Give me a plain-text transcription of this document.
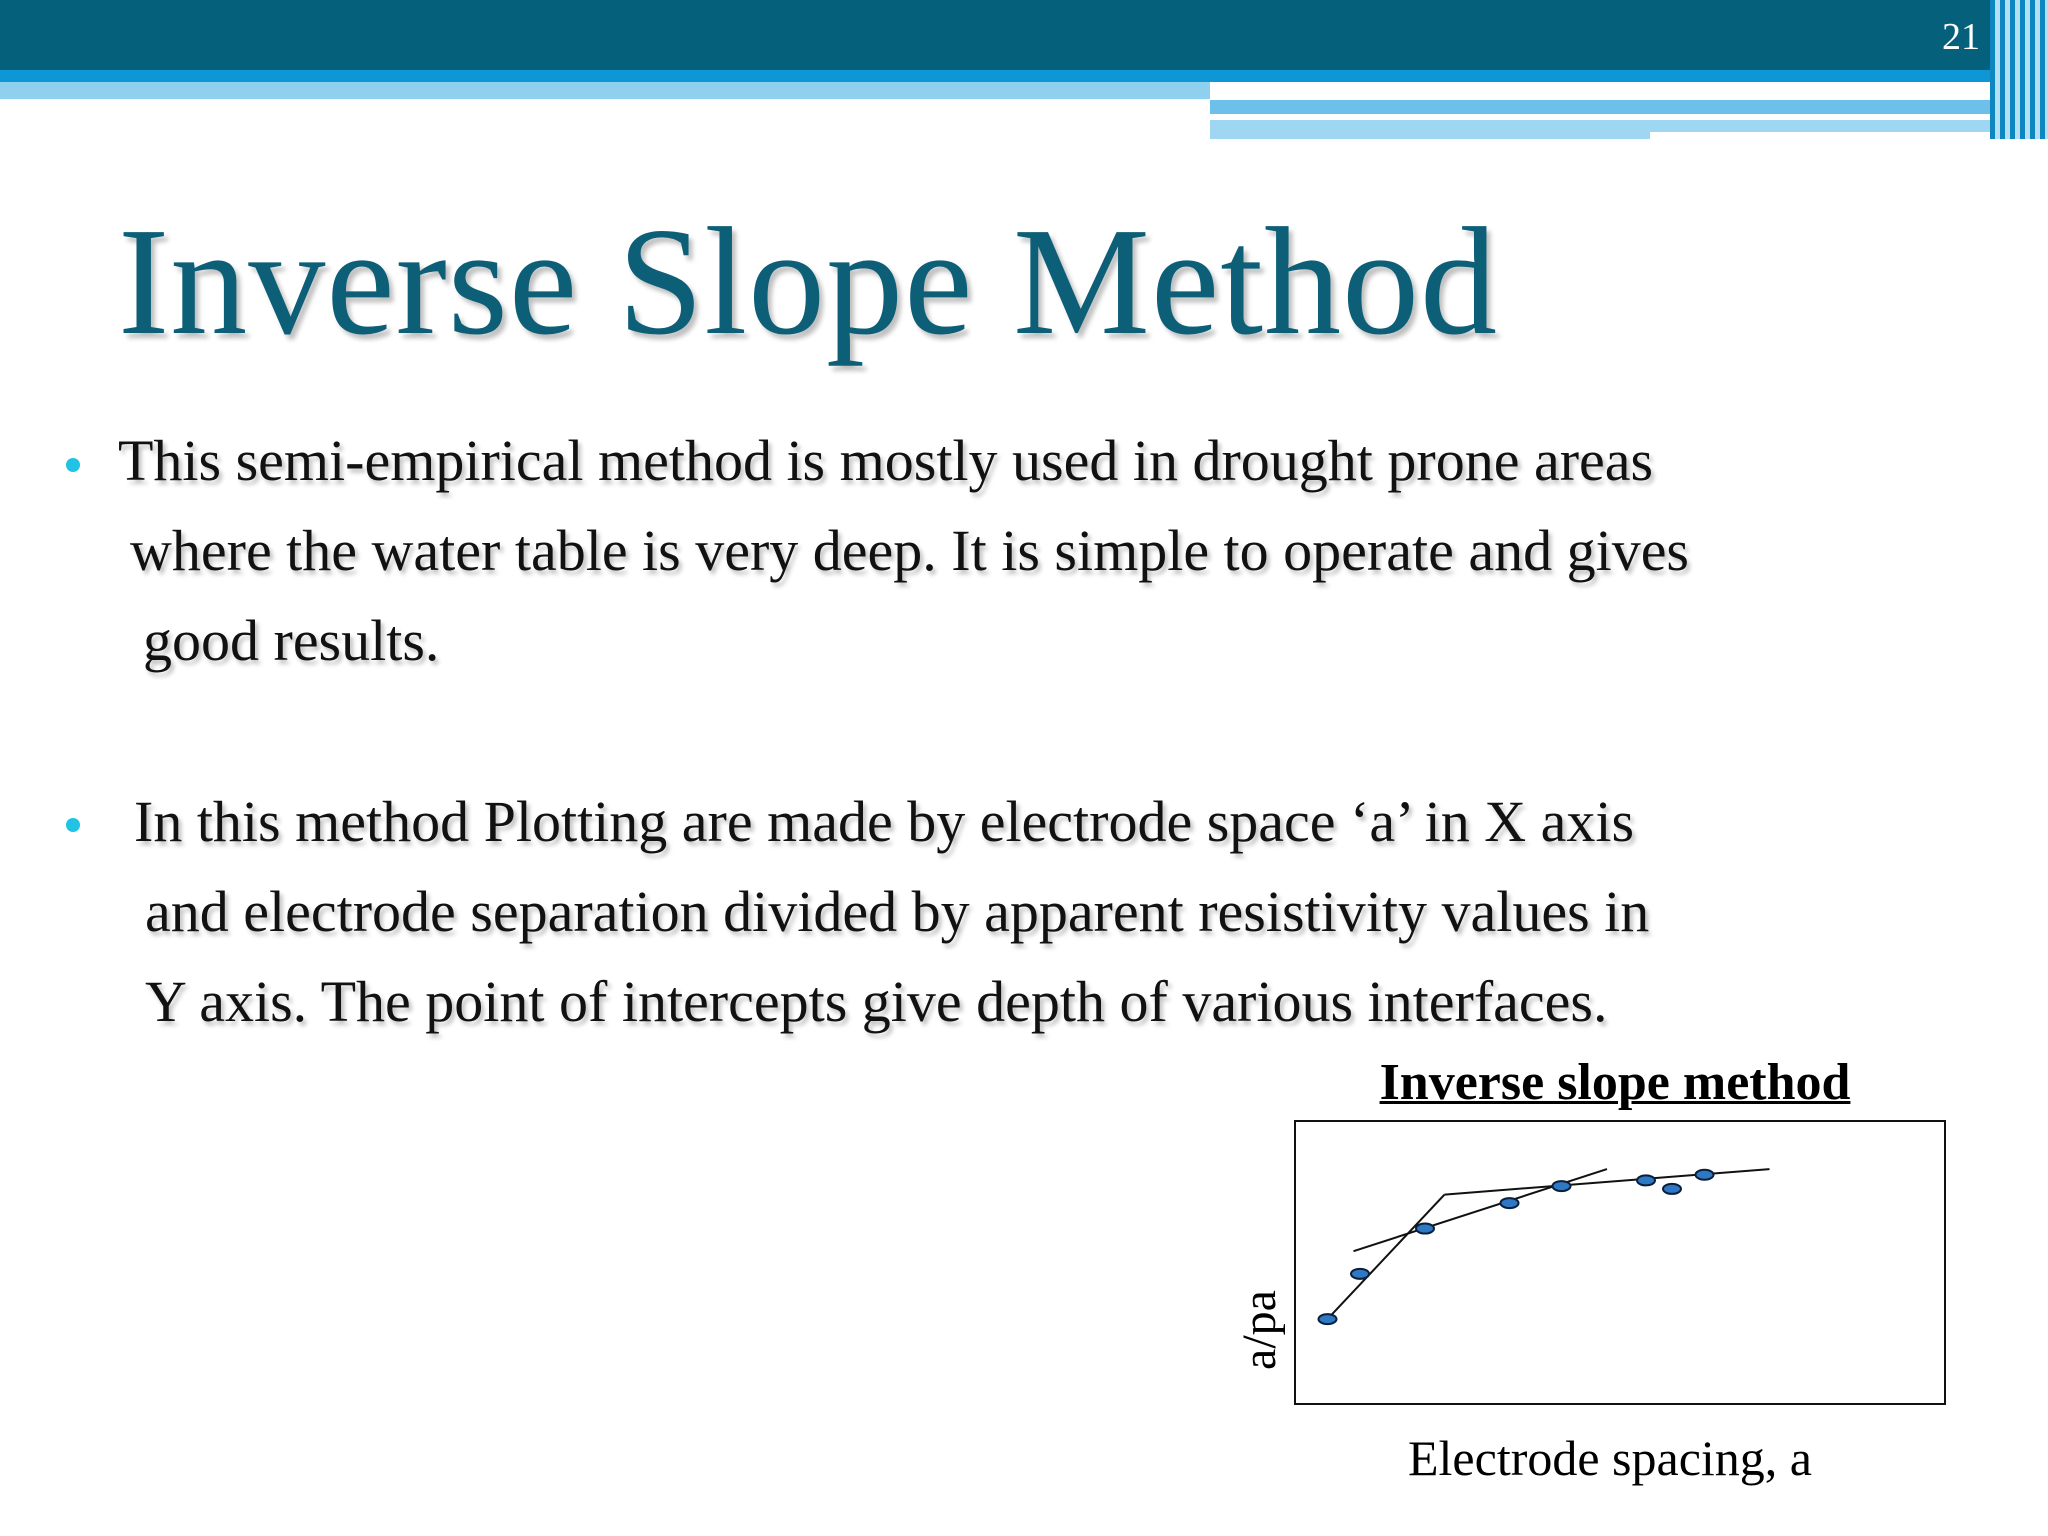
21
Inverse Slope Method
This semi-empirical method is mostly used in drought prone areas
where the water table is very deep. It is simple to operate and gives
good results.
In this method Plotting are made by electrode space ‘a’ in X axis
and electrode separation divided by apparent resistivity values in
Y axis. The point of intercepts give depth of various interfaces.
Inverse slope method
a/pa
Electrode spacing, a
